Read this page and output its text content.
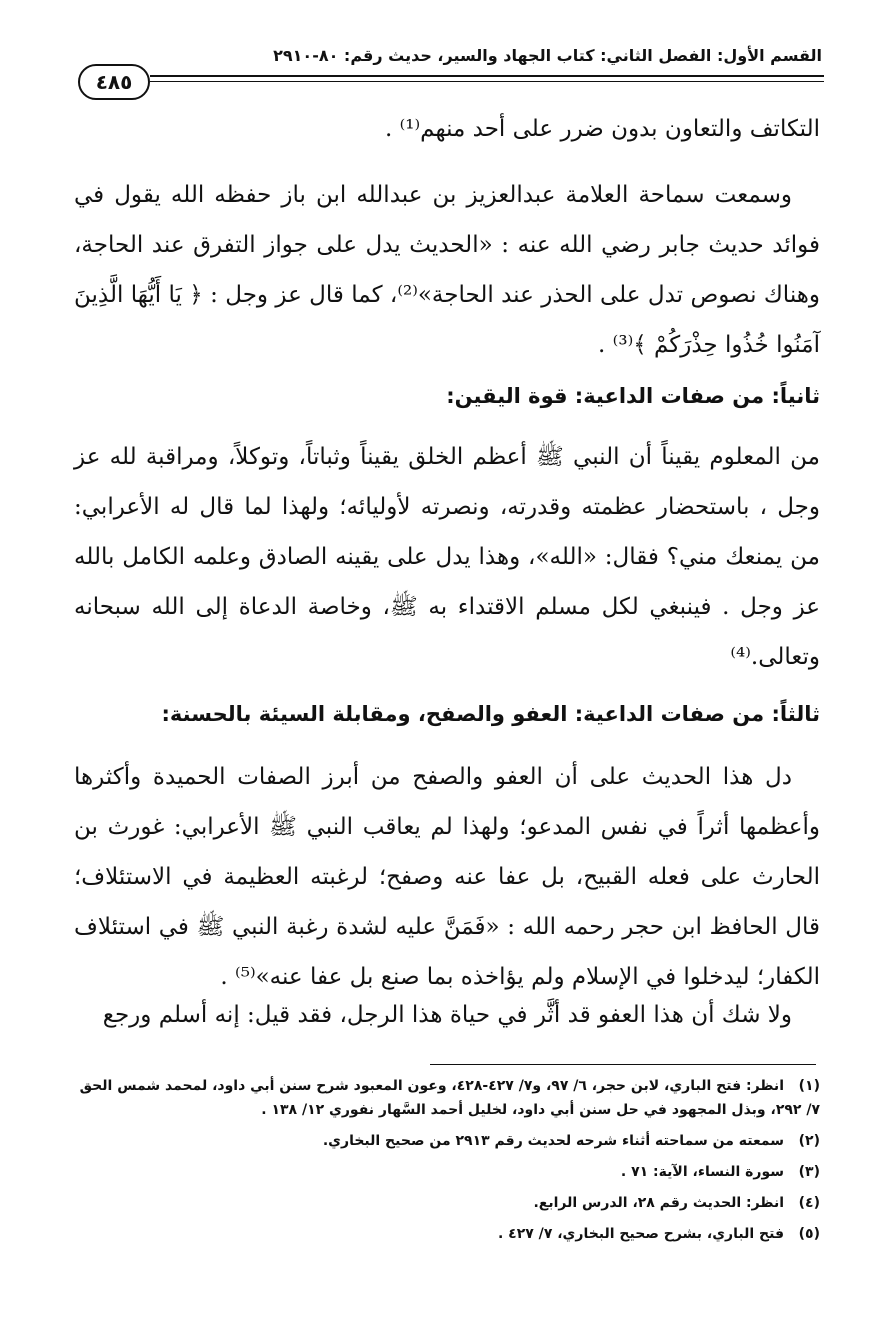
القسم الأول: الفصل الثاني: كتاب الجهاد والسير، حديث رقم: ٨٠-٢٩١٠
٤٨٥
التكاتف والتعاون بدون ضرر على أحد منهم⁽¹⁾ .
وسمعت سماحة العلامة عبدالعزيز بن عبدالله ابن باز حفظه الله يقول في فوائد حديث جابر رضي الله عنه : «الحديث يدل على جواز التفرق عند الحاجة، وهناك نصوص تدل على الحذر عند الحاجة»⁽²⁾، كما قال عز وجل : ﴿ يَا أَيُّهَا الَّذِينَ آمَنُوا خُذُوا حِذْرَكُمْ ﴾⁽³⁾ .
ثانياً: من صفات الداعية: قوة اليقين:
من المعلوم يقيناً أن النبي ﷺ أعظم الخلق يقيناً وثباتاً، وتوكلاً، ومراقبة لله عز وجل ، باستحضار عظمته وقدرته، ونصرته لأوليائه؛ ولهذا لما قال له الأعرابي: من يمنعك مني؟ فقال: «الله»، وهذا يدل على يقينه الصادق وعلمه الكامل بالله عز وجل . فينبغي لكل مسلم الاقتداء به ﷺ، وخاصة الدعاة إلى الله سبحانه وتعالى.⁽⁴⁾
ثالثاً: من صفات الداعية: العفو والصفح، ومقابلة السيئة بالحسنة:
دل هذا الحديث على أن العفو والصفح من أبرز الصفات الحميدة وأكثرها وأعظمها أثراً في نفس المدعو؛ ولهذا لم يعاقب النبي ﷺ الأعرابي: غورث بن الحارث على فعله القبيح، بل عفا عنه وصفح؛ لرغبته العظيمة في الاستئلاف؛ قال الحافظ ابن حجر رحمه الله : «فَمَنَّ عليه لشدة رغبة النبي ﷺ في استئلاف الكفار؛ ليدخلوا في الإسلام ولم يؤاخذه بما صنع بل عفا عنه»⁽⁵⁾ .
ولا شك أن هذا العفو قد أثَّر في حياة هذا الرجل، فقد قيل: إنه أسلم ورجع
(١)انظر: فتح الباري، لابن حجر، ٦/ ٩٧، و٧/ ٤٢٧-٤٢٨، وعون المعبود شرح سنن أبي داود، لمحمد شمس الحق ٧/ ٢٩٢، وبذل المجهود في حل سنن أبي داود، لخليل أحمد السَّهار نفوري ١٢/ ١٣٨ .
(٢)سمعته من سماحته أثناء شرحه لحديث رقم ٢٩١٣ من صحيح البخاري.
(٣)سورة النساء، الآية: ٧١ .
(٤)انظر: الحديث رقم ٢٨، الدرس الرابع.
(٥)فتح الباري، بشرح صحيح البخاري، ٧/ ٤٢٧ .
